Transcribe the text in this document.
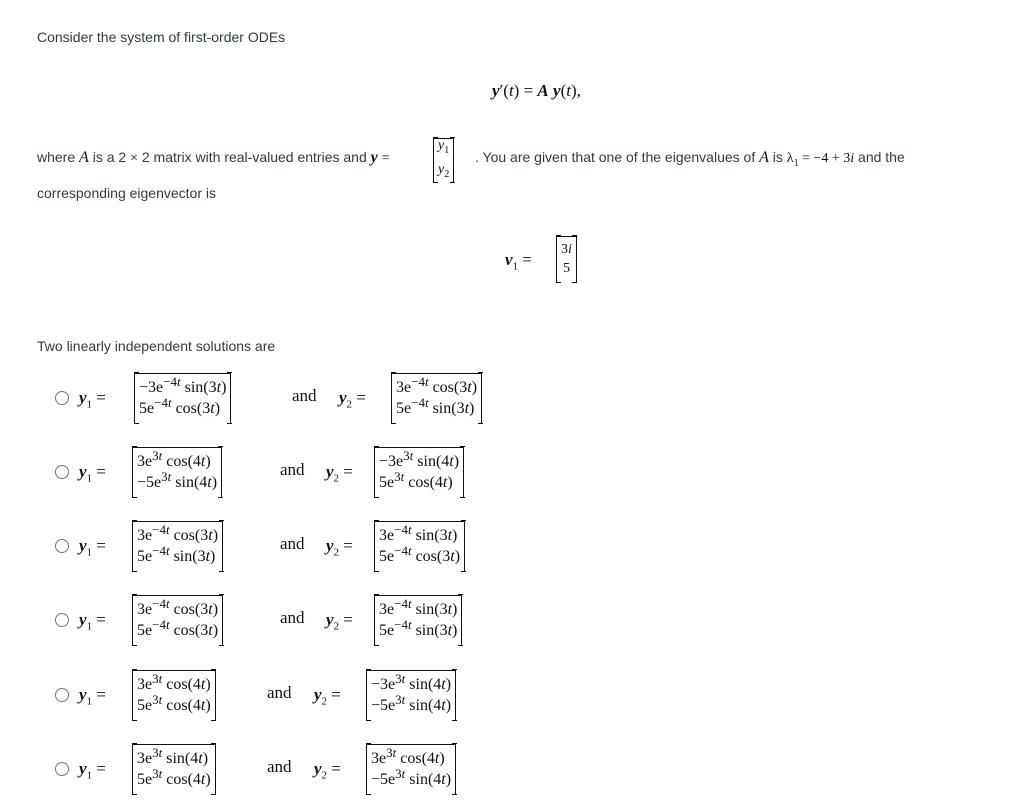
Consider the system of first-order ODEs
y′(t) = A y(t),
where A is a 2 × 2 matrix with real-valued entries and y =
$y_1$
$y_2$
. You are given that one of the eigenvalues of A is $\lambda_1 = -4 + 3i$ and the
corresponding eigenvector is
$v_1$ =
3i
5
Two linearly independent solutions are
$y_1$ =
$-3e^{-4t}$ sin(3t)
$5e^{-4t}$ cos(3t)
and $y_2$ =
$3e^{-4t}$ cos(3t)
$5e^{-4t}$ sin(3t)
$y_1$ =
$3e^{3t}$ cos(4t)
$-5e^{3t}$ sin(4t)
and $y_2$ =
$-3e^{3t}$ sin(4t)
$5e^{3t}$ cos(4t)
$y_1$ =
$3e^{-4t}$ cos(3t)
$5e^{-4t}$ sin(3t)
and $y_2$ =
$3e^{-4t}$ sin(3t)
$5e^{-4t}$ cos(3t)
$y_1$ =
$3e^{-4t}$ cos(3t)
$5e^{-4t}$ cos(3t)
and $y_2$ =
$3e^{-4t}$ sin(3t)
$5e^{-4t}$ sin(3t)
$y_1$ =
$3e^{3t}$ cos(4t)
$5e^{3t}$ cos(4t)
and $y_2$ =
$-3e^{3t}$ sin(4t)
$-5e^{3t}$ sin(4t)
$y_1$ =
$3e^{3t}$ sin(4t)
$5e^{3t}$ cos(4t)
and $y_2$ =
$3e^{3t}$ cos(4t)
$-5e^{3t}$ sin(4t)
